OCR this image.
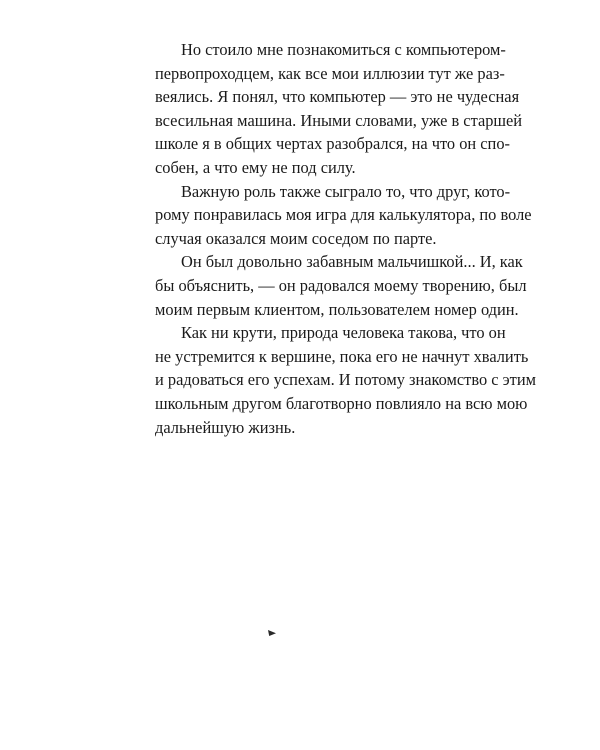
Но стоило мне познакомиться с компьютером-
первопроходцем, как все мои иллюзии тут же раз-
веялись. Я понял, что компьютер — это не чудесная
всесильная машина. Иными словами, уже в старшей
школе я в общих чертах разобрался, на что он спо-
собен, а что ему не под силу.
Важную роль также сыграло то, что друг, кото-
рому понравилась моя игра для калькулятора, по воле
случая оказался моим соседом по парте.
Он был довольно забавным мальчишкой... И, как
бы объяснить, — он радовался моему творению, был
моим первым клиентом, пользователем номер один.
Как ни крути, природа человека такова, что он
не устремится к вершине, пока его не начнут хвалить
и радоваться его успехам. И потому знакомство с этим
школьным другом благотворно повлияло на всю мою
дальнейшую жизнь.
